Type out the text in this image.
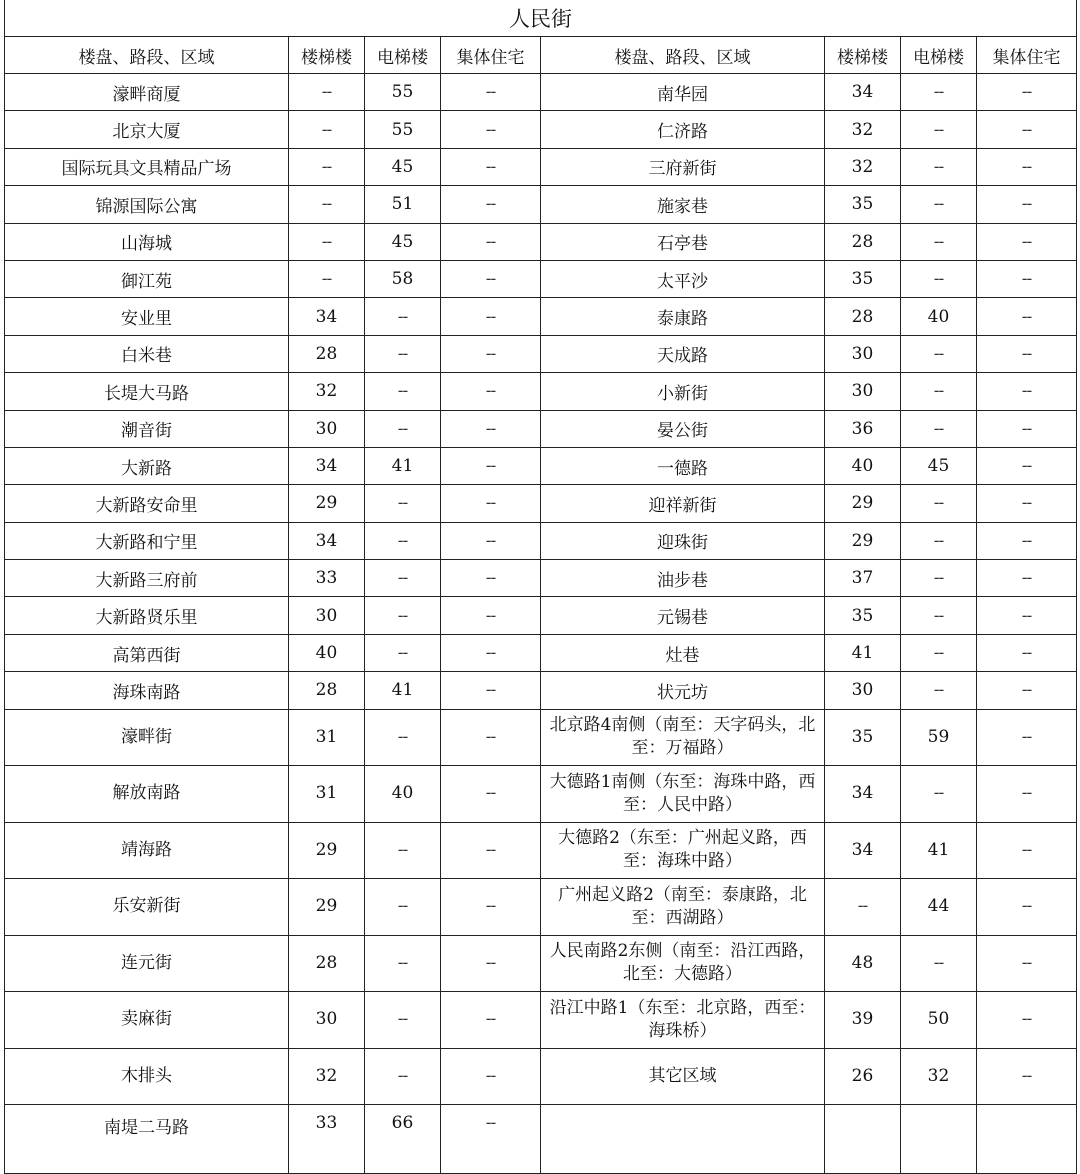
人民街							
楼盘、路段、区域	楼梯楼	电梯楼	集体住宅	楼盘、路段、区域	楼梯楼	电梯楼	集体住宅
濠畔商厦	--	55	--	南华园	34	--	--
北京大厦	--	55	--	仁济路	32	--	--
国际玩具文具精品广场	--	45	--	三府新街	32	--	--
锦源国际公寓	--	51	--	施家巷	35	--	--
山海城	--	45	--	石亭巷	28	--	--
御江苑	--	58	--	太平沙	35	--	--
安业里	34	--	--	泰康路	28	40	--
白米巷	28	--	--	天成路	30	--	--
长堤大马路	32	--	--	小新街	30	--	--
潮音街	30	--	--	晏公街	36	--	--
大新路	34	41	--	一德路	40	45	--
大新路安命里	29	--	--	迎祥新街	29	--	--
大新路和宁里	34	--	--	迎珠街	29	--	--
大新路三府前	33	--	--	油步巷	37	--	--
大新路贤乐里	30	--	--	元锡巷	35	--	--
高第西街	40	--	--	灶巷	41	--	--
海珠南路	28	41	--	状元坊	30	--	--
濠畔街	31	--	--	北京路4南侧（南至：天字码头，北至：万福路）	35	59	--
解放南路	31	40	--	大德路1南侧（东至：海珠中路，西至：人民中路）	34	--	--
靖海路	29	--	--	大德路2（东至：广州起义路，西至：海珠中路）	34	41	--
乐安新街	29	--	--	广州起义路2（南至：泰康路，北至：西湖路）	--	44	--
连元街	28	--	--	人民南路2东侧（南至：沿江西路，北至：大德路）	48	--	--
卖麻街	30	--	--	沿江中路1（东至：北京路，西至：海珠桥）	39	50	--
木排头	32	--	--	其它区域	26	32	--
南堤二马路	33	66	--				
